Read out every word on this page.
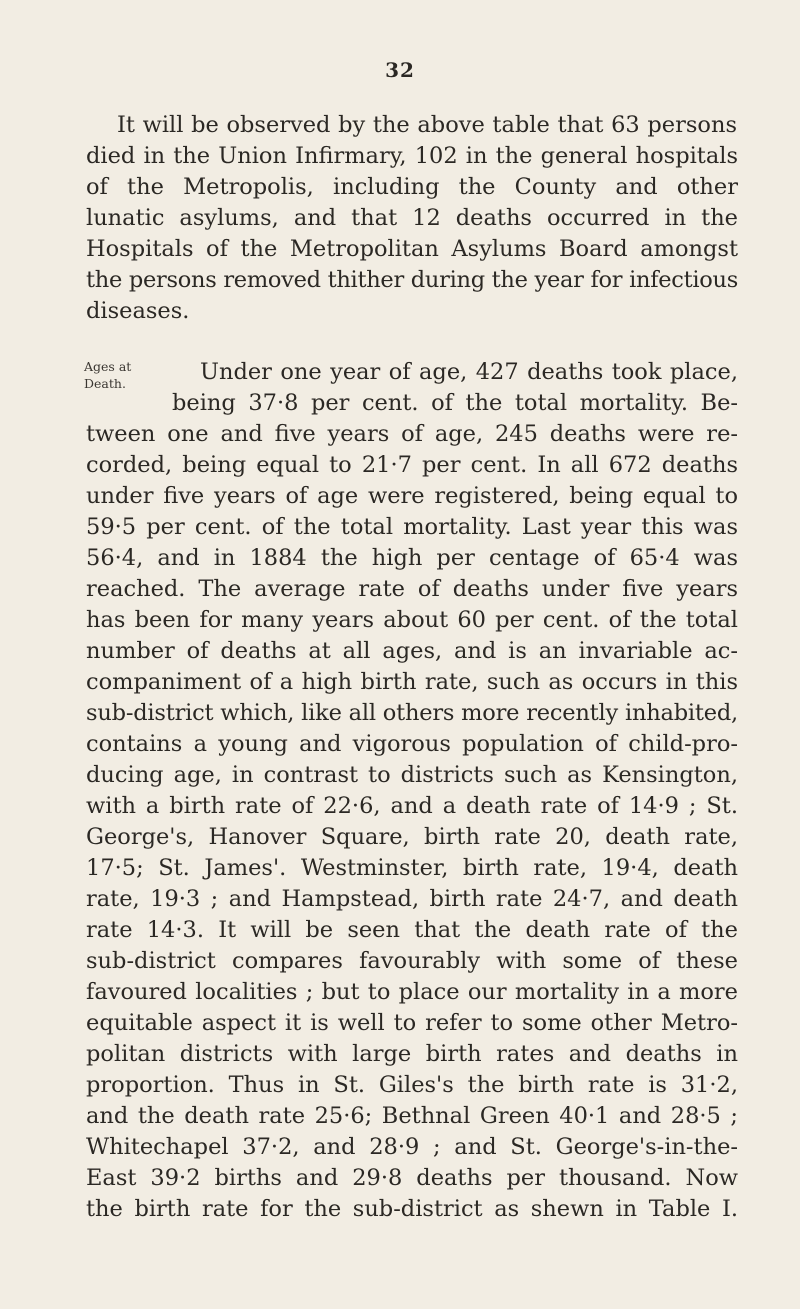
32
It will be observed by the above table that 63 persons
died in the Union Infirmary, 102 in the general hospitals
of the Metropolis, including the County and other
lunatic asylums, and that 12 deaths occurred in the
Hospitals of the Metropolitan Asylums Board amongst
the persons removed thither during the year for infectious
diseases.
Ages at
Death.	Under one year of age, 427 deaths took place,
being 37·8 per cent. of the total mortality. Be-
tween one and five years of age, 245 deaths were re-
corded, being equal to 21·7 per cent. In all 672 deaths
under five years of age were registered, being equal to
59·5 per cent. of the total mortality. Last year this was
56·4, and in 1884 the high per centage of 65·4 was
reached. The average rate of deaths under five years
has been for many years about 60 per cent. of the total
number of deaths at all ages, and is an invariable ac-
companiment of a high birth rate, such as occurs in this
sub-district which, like all others more recently inhabited,
contains a young and vigorous population of child-pro-
ducing age, in contrast to districts such as Kensington,
with a birth rate of 22·6, and a death rate of 14·9 ; St.
George's, Hanover Square, birth rate 20, death rate,
17·5; St. James'. Westminster, birth rate, 19·4, death
rate, 19·3 ; and Hampstead, birth rate 24·7, and death
rate 14·3. It will be seen that the death rate of the
sub-district compares favourably with some of these
favoured localities ; but to place our mortality in a more
equitable aspect it is well to refer to some other Metro-
politan districts with large birth rates and deaths in
proportion. Thus in St. Giles's the birth rate is 31·2,
and the death rate 25·6; Bethnal Green 40·1 and 28·5 ;
Whitechapel 37·2, and 28·9 ; and St. George's-in-the-
East 39·2 births and 29·8 deaths per thousand. Now
the birth rate for the sub-district as shewn in Table I.
